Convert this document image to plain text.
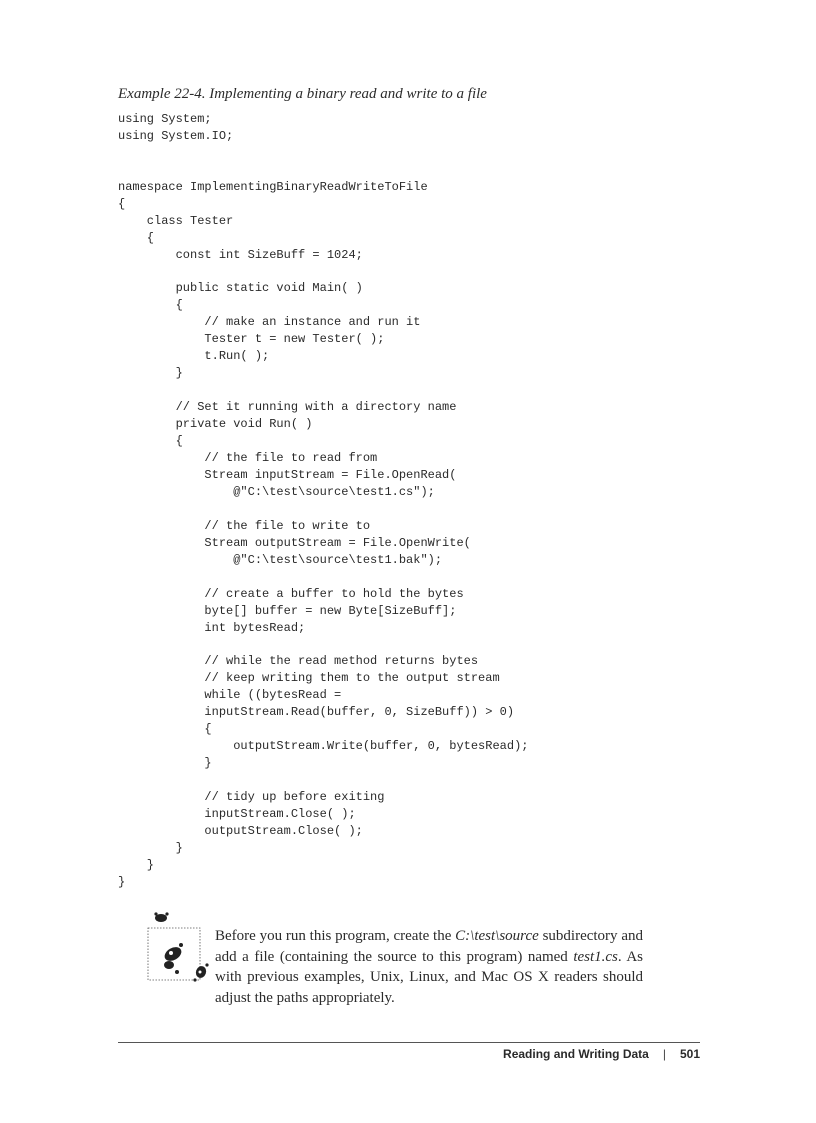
Example 22-4. Implementing a binary read and write to a file
using System;
using System.IO;
namespace ImplementingBinaryReadWriteToFile
{
class Tester
{
const int SizeBuff = 1024;
public static void Main( )
{
// make an instance and run it
Tester t = new Tester( );
t.Run( );
}
// Set it running with a directory name
private void Run( )
{
// the file to read from
Stream inputStream = File.OpenRead(
@"C:\test\source\test1.cs");
// the file to write to
Stream outputStream = File.OpenWrite(
@"C:\test\source\test1.bak");
// create a buffer to hold the bytes
byte[] buffer = new Byte[SizeBuff];
int bytesRead;
// while the read method returns bytes
// keep writing them to the output stream
while ((bytesRead =
inputStream.Read(buffer, 0, SizeBuff)) > 0)
{
outputStream.Write(buffer, 0, bytesRead);
}
// tidy up before exiting
inputStream.Close( );
outputStream.Close( );
}
}
}

Before you run this program, create the C:\test\source subdirectory and add a file (containing the source to this program) named test1.cs. As with previous examples, Unix, Linux, and Mac OS X readers should adjust the paths appropriately.

Reading and Writing Data | 501
